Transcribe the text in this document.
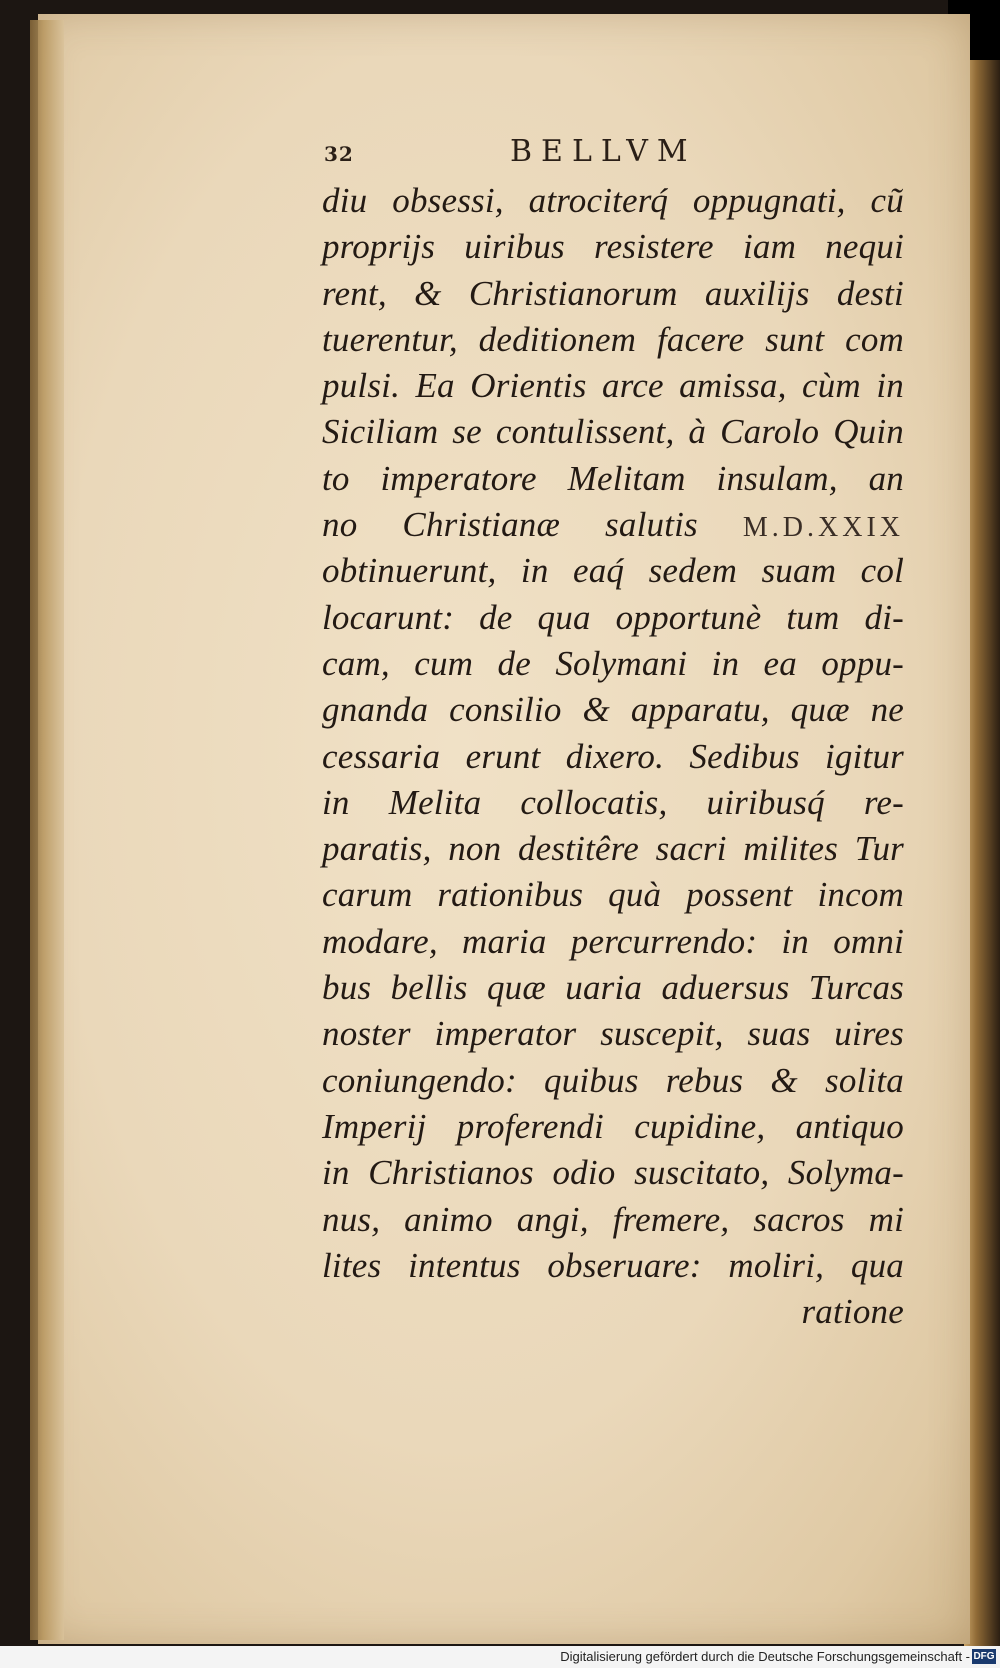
32	BELLVM
diu obsessi, atrociterq́ oppugnati, cũ
proprijs uiribus resistere iam nequi
rent, & Christianorum auxilijs desti
tuerentur, deditionem facere sunt com
pulsi. Ea Orientis arce amissa, cùm in
Siciliam se contulissent, à Carolo Quin
to imperatore Melitam insulam, an
no Christianæ salutis M.D.XXIX
obtinuerunt, in eaq́ sedem suam col
locarunt: de qua opportunè tum di-
cam, cum de Solymani in ea oppu-
gnanda consilio & apparatu, quæ ne
cessaria erunt dixero. Sedibus igitur
in Melita collocatis, uiribusq́ re-
paratis, non destitêre sacri milites Tur
carum rationibus quà possent incom
modare, maria percurrendo: in omni
bus bellis quæ uaria aduersus Turcas
noster imperator suscepit, suas uires
coniungendo: quibus rebus & solita
Imperij proferendi cupidine, antiquo
in Christianos odio suscitato, Solyma-
nus, animo angi, fremere, sacros mi
lites intentus obseruare: moliri, qua
ratione
Digitalisierung gefördert durch die Deutsche Forschungsgemeinschaft - DFG
